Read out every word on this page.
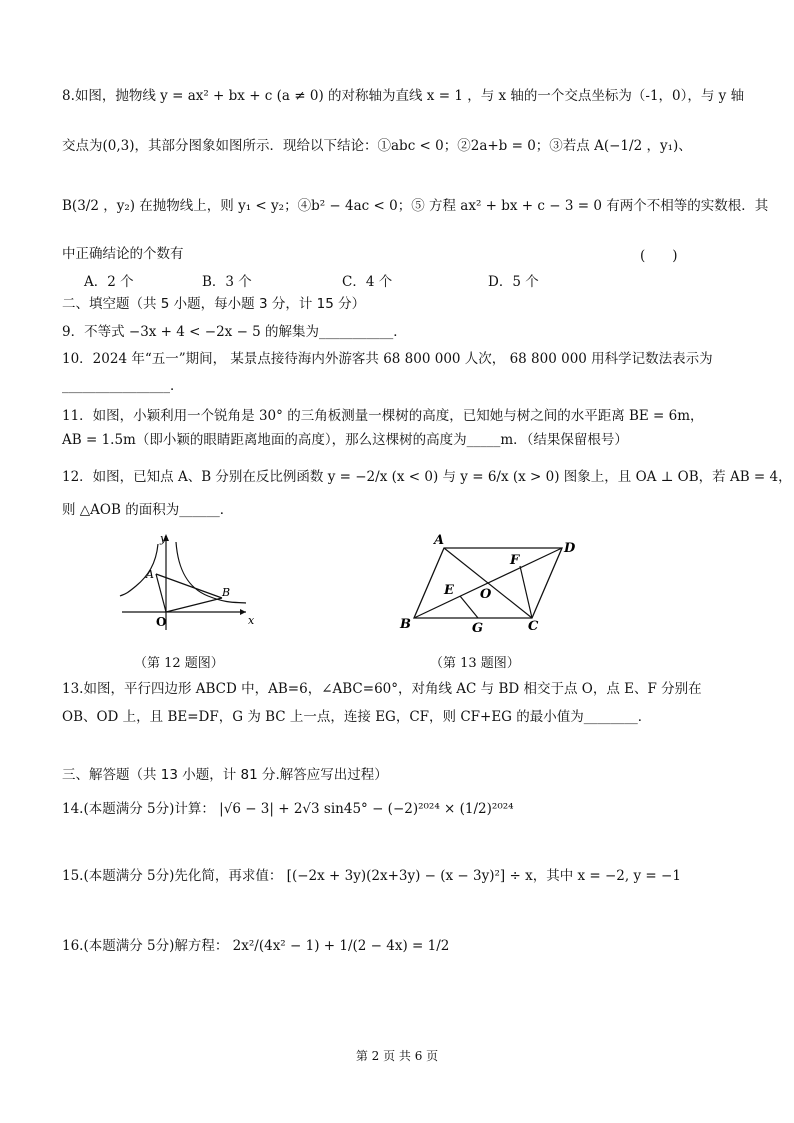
8.如图，抛物线 y = ax² + bx + c (a ≠ 0) 的对称轴为直线 x = 1 ，与 x 轴的一个交点坐标为（-1，0），与 y 轴
交点为(0,3)，其部分图象如图所示．现给以下结论：①abc < 0；②2a+b = 0；③若点 A(−1/2 ，y₁)、
B(3/2 ，y₂) 在抛物线上，则 y₁ < y₂；④b² − 4ac < 0；⑤ 方程 ax² + bx + c − 3 = 0 有两个不相等的实数根．其
中正确结论的个数有	(　　)
A．2 个	B．3 个	C．4 个	D．5 个
二、填空题（共 5 小题，每小题 3 分，计 15 分）
9．不等式 −3x + 4 < −2x − 5 的解集为___________．
10．2024 年“五一”期间， 某景点接待海内外游客共 68 800 000 人次， 68 800 000 用科学记数法表示为
________________．
11．如图，小颖利用一个锐角是 30° 的三角板测量一棵树的高度，已知她与树之间的水平距离 BE = 6m，
AB = 1.5m（即小颖的眼睛距离地面的高度），那么这棵树的高度为_____m．（结果保留根号）
12．如图，已知点 A、B 分别在反比例函数 y = −2/x (x < 0) 与 y = 6/x (x > 0) 图象上，且 OA ⊥ OB，若 AB = 4，
则 △AOB 的面积为______．
y
x
A
B
O
（第 12 题图）
A
D
F
E O
B	G	C
（第 13 题图）
13.如图，平行四边形 ABCD 中，AB=6，∠ABC=60°，对角线 AC 与 BD 相交于点 O，点 E、F 分别在
OB、OD 上，且 BE=DF，G 为 BC 上一点，连接 EG，CF，则 CF+EG 的最小值为________．
三、解答题（共 13 小题，计 81 分.解答应写出过程）
14.(本题满分 5分)计算： |√6 − 3| + 2√3 sin45° − (−2)²⁰²⁴ × (1/2)²⁰²⁴
15.(本题满分 5分)先化简，再求值： [(−2x + 3y)(2x+3y) − (x − 3y)²] ÷ x，其中 x = −2, y = −1
16.(本题满分 5分)解方程： 2x²/(4x² − 1) + 1/(2 − 4x) = 1/2
第 2 页 共 6 页
